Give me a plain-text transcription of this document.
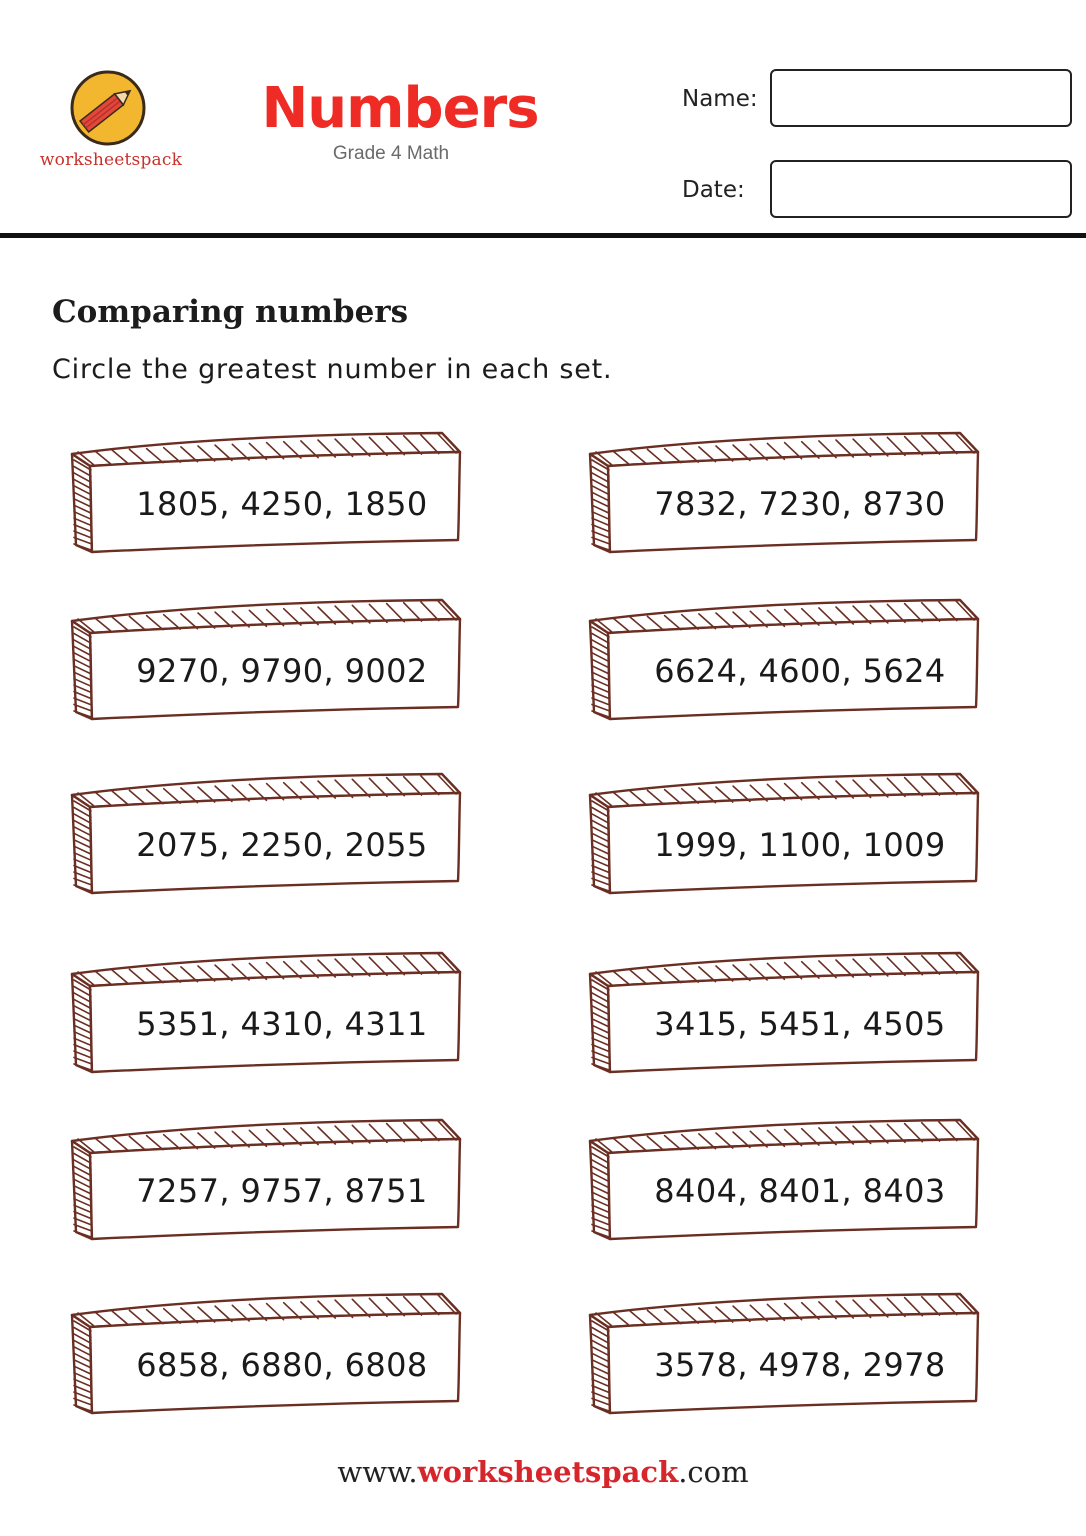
worksheetspack
Numbers
Grade 4 Math
Name:
Date:
Comparing numbers
Circle the greatest number in each set.
1805, 4250, 1850	7832, 7230, 8730
9270, 9790, 9002	6624, 4600, 5624
2075, 2250, 2055	1999, 1100, 1009
5351, 4310, 4311	3415, 5451, 4505
7257, 9757, 8751	8404, 8401, 8403
6858, 6880, 6808	3578, 4978, 2978
www.worksheetspack.com
